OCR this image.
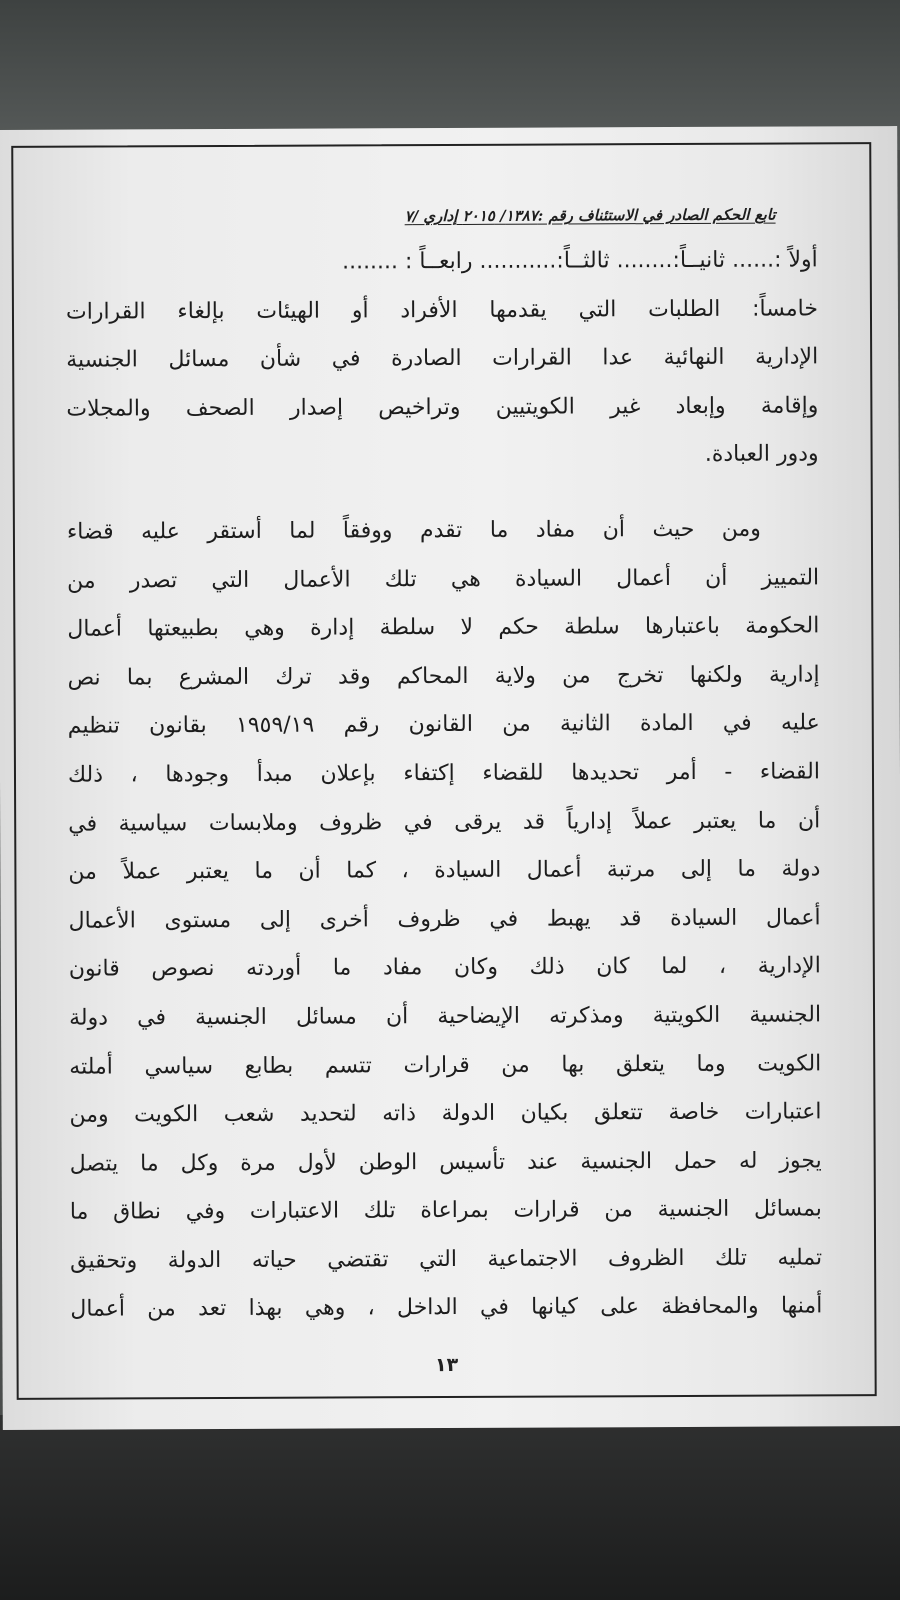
تابع الحكم الصادر في الاستئناف رقم :١٣٨٧/ ٢٠١٥ إداري /٧
أولاً :...... ثانيــاً:........ ثالثــاً:........... رابعــاً : ........
خامساً: الطلبات التي يقدمها الأفراد أو الهيئات بإلغاء القرارات
الإدارية النهائية عدا القرارات الصادرة في شأن مسائل الجنسية
وإقامة وإبعاد غير الكويتيين وتراخيص إصدار الصحف والمجلات
ودور العبادة.
ومن حيث أن مفاد ما تقدم ووفقاً لما أستقر عليه قضاء
التمييز أن أعمال السيادة هي تلك الأعمال التي تصدر من
الحكومة باعتبارها سلطة حكم لا سلطة إدارة وهي بطبيعتها أعمال
إدارية ولكنها تخرج من ولاية المحاكم وقد ترك المشرع بما نص
عليه في المادة الثانية من القانون رقم ١٩٥٩/١٩ بقانون تنظيم
القضاء - أمر تحديدها للقضاء إكتفاء بإعلان مبدأ وجودها ، ذلك
أن ما يعتبر عملاً إدارياً قد يرقى في ظروف وملابسات سياسية في
دولة ما إلى مرتبة أعمال السيادة ، كما أن ما يعتبر عملاً من
أعمال السيادة قد يهبط في ظروف أخرى إلى مستوى الأعمال
الإدارية ، لما كان ذلك وكان مفاد ما أوردته نصوص قانون
الجنسية الكويتية ومذكرته الإيضاحية أن مسائل الجنسية في دولة
الكويت وما يتعلق بها من قرارات تتسم بطابع سياسي أملته
اعتبارات خاصة تتعلق بكيان الدولة ذاته لتحديد شعب الكويت ومن
يجوز له حمل الجنسية عند تأسيس الوطن لأول مرة وكل ما يتصل
بمسائل الجنسية من قرارات بمراعاة تلك الاعتبارات وفي نطاق ما
تمليه تلك الظروف الاجتماعية التي تقتضي حياته الدولة وتحقيق
أمنها والمحافظة على كيانها في الداخل ، وهي بهذا تعد من أعمال
١٣
